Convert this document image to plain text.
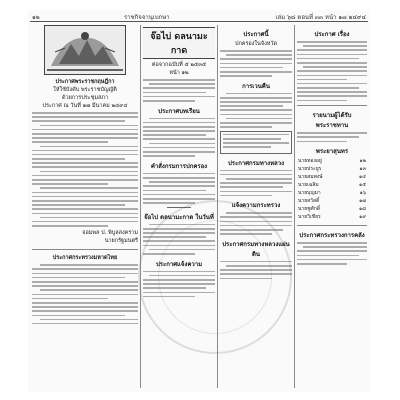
๑๒	ราชกิจจานุเบกษา	เล่ม ๖๘ ตอนที่ ๓๓ หน้า ๑๗ ๒๔๙๔

ประกาศพระราชกฤษฎีกา

ให้ใช้บังคับ พระราชบัญญัติ

ด้วยการประชุมสภา

ประกาศ ณ วันที่ ๑๗ มีนาคม ๒๔๙๔

จอมพล ป. พิบูลสงคราม

นายกรัฐมนตรี

ประกาศกระทรวงมหาดไทย

จ๊อไบ่ ดลนามะกาด

ต่อจากฉบับที่ ๕ ๒๕๓๕

หน้า ๑๒

ประกาศบทเรียน

คำสั่งกรมการปกครอง

จ๊อไบ่ ดลนามะกาด ในวันที่

ประกาศแจ้งความ

ประกาศนี้

ปกครองในจังหวัด

การเวนคืน

ประกาศกรมทางหลวง

แจ้งความกระทรวง

ประกาศกรมทางหลวงแผ่นดิน

ประกาศ เรื่อง

รายนามผู้ได้รับพระราชทาน

พระยาสุนทร

นายทองอยู่	๑๒
นายประยูร	๑๓
นายสมพงษ์	๑๔
นายเฉลิม	๑๕
นายบุญมา	๑๖
นายสวัสดิ์	๑๗
นายชูศักดิ์	๑๘
นายวิเชียร	๑๙

ประกาศกระทรวงการคลัง
